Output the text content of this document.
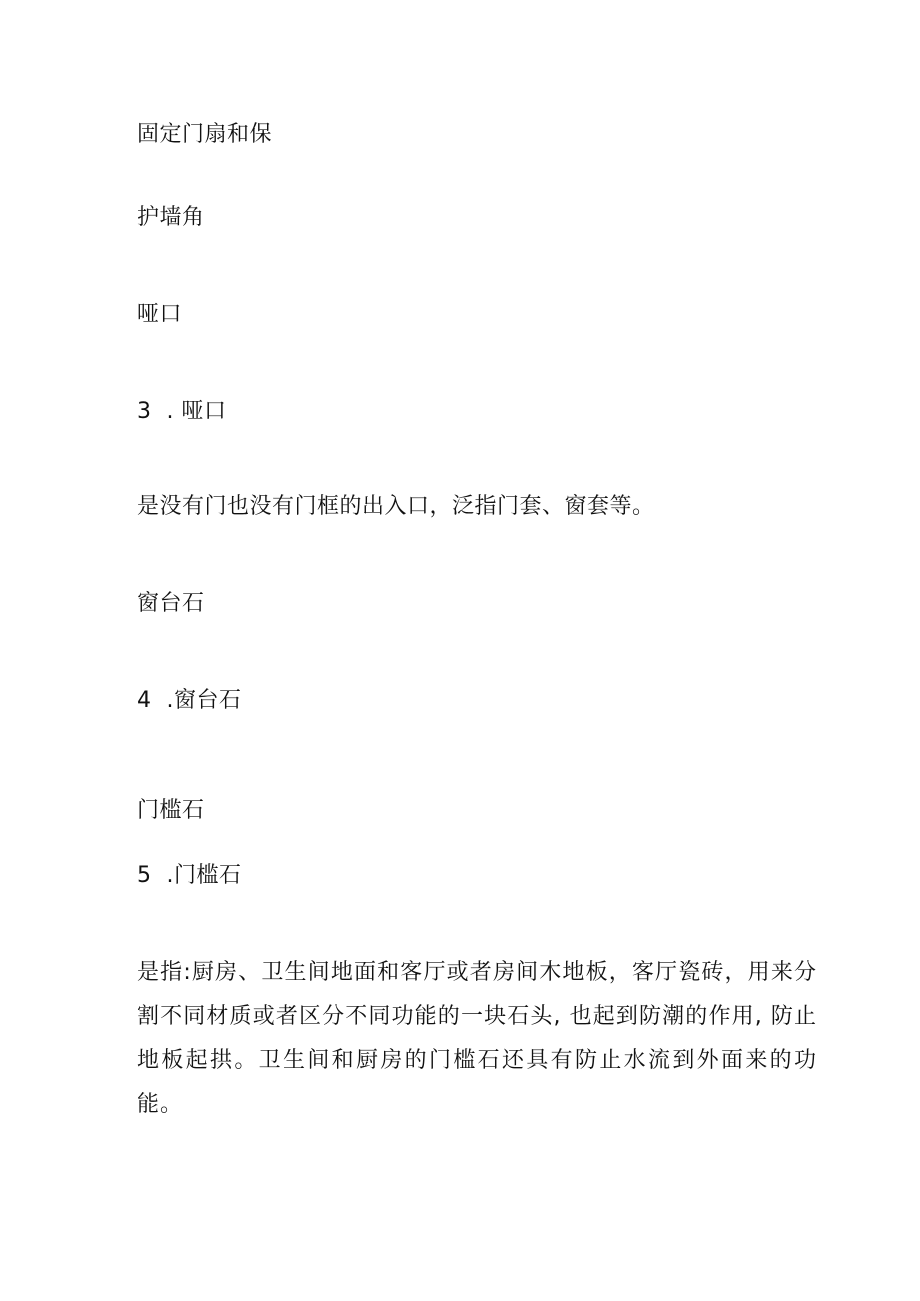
固定门扇和保
护墙角
哑口
3 . 哑口
是没有门也没有门框的出入口，泛指门套、窗套等。
窗台石
4 .窗台石
门槛石
5 .门槛石
是指:厨房、卫生间地面和客厅或者房间木地板，客厅瓷砖，用来分割不同材质或者区分不同功能的一块石头, 也起到防潮的作用, 防止地板起拱。卫生间和厨房的门槛石还具有防止水流到外面来的功能。
